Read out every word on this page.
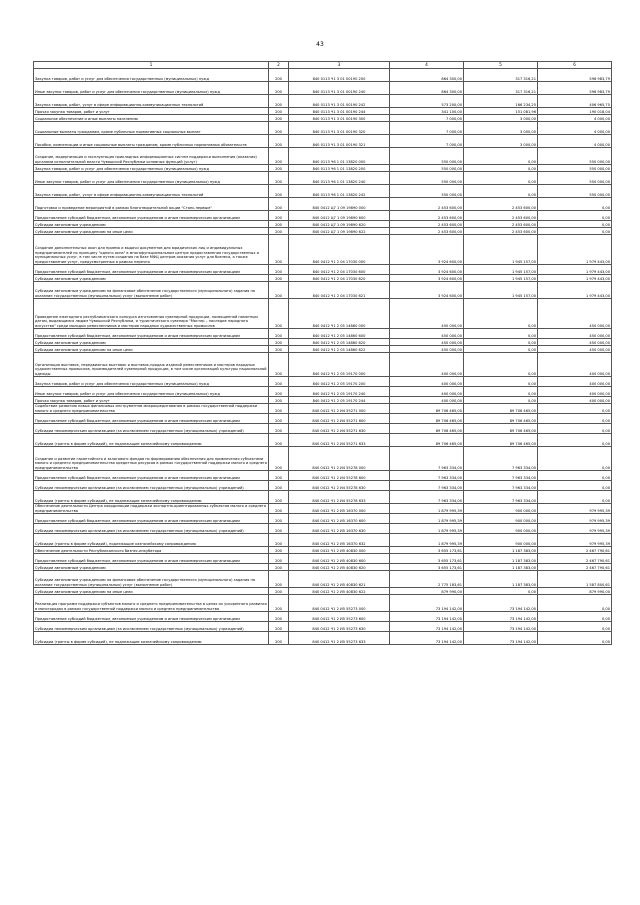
43
1	2	3	4	5	6
Закупка товаров, работ и услуг для обеспечения государственных (муниципальных) нужд	200	840 0113 Ч1 3 01 00190 200	864 300,00	317 316,21	596 983,79
Иные закупки товаров, работ и услуг для обеспечения государственных (муниципальных) нужд	200	840 0113 Ч1 3 01 00190 240	864 300,00	317 316,21	596 983,79
Закупка товаров, работ, услуг в сфере информационно-коммуникационных технологий	200	840 0113 Ч1 3 01 00190 242	573 200,00	166 234,25	406 965,75
Прочая закупка товаров, работ и услуг	200	840 0113 Ч1 3 01 00190 244	341 100,00	151 081,96	190 018,04
Социальное обеспечение и иные выплаты населению	200	840 0113 Ч1 3 01 00190 300	7 000,00	3 000,00	4 000,00
Социальные выплаты гражданам, кроме публичных нормативных социальных выплат	200	840 0113 Ч1 3 01 00190 320	7 000,00	3 000,00	4 000,00
Пособия, компенсации и иные социальные выплаты гражданам, кроме публичных нормативных обязательств	200	840 0113 Ч1 3 01 00190 321	7 000,00	3 000,00	4 000,00
Создание, модернизация и эксплуатация прикладных информационных систем поддержки выполнения (оказания) органами исполнительной власти Чувашской Республики основных функций (услуг)	200	840 0113 Ч6 1 01 13820 000	550 000,00	0,00	550 000,00
Закупка товаров, работ и услуг для обеспечения государственных (муниципальных) нужд	200	840 0113 Ч6 1 01 13820 200	550 000,00	0,00	550 000,00
Иные закупки товаров, работ и услуг для обеспечения государственных (муниципальных) нужд	200	840 0113 Ч6 1 01 13820 240	550 000,00	0,00	550 000,00
Закупка товаров, работ, услуг в сфере информационно-коммуникационных технологий	200	840 0113 Ч6 1 01 13820 242	550 000,00	0,00	550 000,00
Подготовка и проведение мероприятий в рамках благотворительной акции "Стань первым"	200	840 0412 Ц7 1 09 19890 000	2 453 600,00	2 453 600,00	0,00
Предоставление субсидий бюджетным, автономным учреждениям и иным некоммерческим организациям	200	840 0412 Ц7 1 09 19890 600	2 453 600,00	2 453 600,00	0,00
Субсидии автономным учреждениям	200	840 0412 Ц7 1 09 19890 620	2 453 600,00	2 453 600,00	0,00
Субсидии автономным учреждениям на иные цели	200	840 0412 Ц7 1 09 19890 622	2 453 600,00	2 453 600,00	0,00
Создание дополнительных окон для приема и выдачи документов для юридических лиц и индивидуальных предпринимателей по принципу "одного окна" в многофункциональном центре предоставления государственных и муниципальных услуг, в том числе путем создания на базе МФЦ центров оказания услуг для бизнеса, а также предоставление услуг, предусмотренных в рамках перечня	200	840 0412 Ч1 2 04 17030 000	3 924 600,00	1 945 157,00	1 979 443,00
Предоставление субсидий бюджетным, автономным учреждениям и иным некоммерческим организациям	200	840 0412 Ч1 2 04 17030 600	3 924 600,00	1 945 157,00	1 979 443,00
Субсидии автономным учреждениям	200	840 0412 Ч1 2 04 17030 620	3 924 600,00	1 945 157,00	1 979 443,00
Субсидии автономным учреждениям на финансовое обеспечение государственного (муниципального) задания на оказание государственных (муниципальных) услуг (выполнение работ)	200	840 0412 Ч1 2 04 17030 621	3 924 600,00	1 945 157,00	1 979 443,00
Проведение ежегодного республиканского конкурса изготовления сувенирной продукции, посвященной памятным датам, выдающимся людям Чувашской Республики, и туристического сувенира "Мастер – наследие народного искусства" среди молодых ремесленников и мастеров народных художественных промыслов	200	840 0412 Ч1 2 05 14860 000	450 000,00	0,00	450 000,00
Предоставление субсидий бюджетным, автономным учреждениям и иным некоммерческим организациям	200	840 0412 Ч1 2 05 14860 600	450 000,00	0,00	450 000,00
Субсидии автономным учреждениям	200	840 0412 Ч1 2 05 14860 620	450 000,00	0,00	450 000,00
Субсидии автономным учреждениям на иные цели	200	840 0412 Ч1 2 05 14860 622	450 000,00	0,00	450 000,00
Организация выставок, передвижных выставок и выставок-продаж изделий ремесленников и мастеров народных художественных промыслов, производителей сувенирной продукции, в том числе организаций культуры национальной одежды	200	840 0412 Ч1 2 05 19170 000	400 000,00	0,00	400 000,00
Закупка товаров, работ и услуг для обеспечения государственных (муниципальных) нужд	200	840 0412 Ч1 2 05 19170 200	400 000,00	0,00	400 000,00
Иные закупки товаров, работ и услуг для обеспечения государственных (муниципальных) нужд	200	840 0412 Ч1 2 05 19170 240	400 000,00	0,00	400 000,00
Прочая закупка товаров, работ и услуг	200	840 0412 Ч1 2 05 19170 244	400 000,00	0,00	400 000,00
Содействие развитию новых финансовых инструментов микрокредитования в рамках государственной поддержки малого и среднего предпринимательства	200	840 0412 Ч1 2 И4 55271 000	89 706 465,00	89 706 465,00	0,00
Предоставление субсидий бюджетным, автономным учреждениям и иным некоммерческим организациям	200	840 0412 Ч1 2 И4 55271 600	89 706 465,00	89 706 465,00	0,00
Субсидии некоммерческим организациям (за исключением государственных (муниципальных) учреждений)	200	840 0412 Ч1 2 И4 55271 630	89 706 465,00	89 706 465,00	0,00
Субсидии (гранты в форме субсидий), не подлежащие казначейскому сопровождению	200	840 0412 Ч1 2 И4 55271 633	89 706 465,00	89 706 465,00	0,00
Создание и развитие гарантийного и залогового фондов по формированию обеспечения для привлечения субъектами малого и среднего предпринимательства кредитных ресурсов в рамках государственной поддержки малого и среднего предпринимательства	200	840 0412 Ч1 2 И4 55278 000	7 963 334,00	7 963 334,00	0,00
Предоставление субсидий бюджетным, автономным учреждениям и иным некоммерческим организациям	200	840 0412 Ч1 2 И4 55278 600	7 963 334,00	7 963 334,00	0,00
Субсидии некоммерческим организациям (за исключением государственных (муниципальных) учреждений)	200	840 0412 Ч1 2 И4 55278 630	7 963 334,00	7 963 334,00	0,00
Субсидии (гранты в форме субсидий), не подлежащие казначейскому сопровождению	200	840 0412 Ч1 2 И4 55278 633	7 963 334,00	7 963 334,00	0,00
Обеспечение деятельности Центра координации поддержки экспортно-ориентированных субъектов малого и среднего предпринимательства	200	840 0412 Ч1 2 И5 16370 000	1 879 995,39	900 000,00	979 995,39
Предоставление субсидий бюджетным, автономным учреждениям и иным некоммерческим организациям	200	840 0412 Ч1 2 И5 16370 600	1 879 995,39	900 000,00	979 995,39
Субсидии некоммерческим организациям (за исключением государственных (муниципальных) учреждений)	200	840 0412 Ч1 2 И5 16370 630	1 879 995,39	900 000,00	979 995,39
Субсидии (гранты в форме субсидий), подлежащие казначейскому сопровождению	200	840 0412 Ч1 2 И5 16370 632	1 879 995,39	900 000,00	979 995,39
Обеспечение деятельности Республиканского бизнес-инкубатора	200	840 0412 Ч1 2 И5 40830 000	3 655 173,61	1 187 383,00	2 467 790,61
Предоставление субсидий бюджетным, автономным учреждениям и иным некоммерческим организациям	200	840 0412 Ч1 2 И5 40830 600	3 655 173,61	1 187 383,00	2 467 790,61
Субсидии автономным учреждениям	200	840 0412 Ч1 2 И5 40830 620	3 655 173,61	1 187 383,00	2 467 790,61
Субсидии автономным учреждениям на финансовое обеспечение государственного (муниципального) задания на оказание государственных (муниципальных) услуг (выполнение работ)	200	840 0412 Ч1 2 И5 40830 621	2 775 183,61	1 187 383,00	1 587 800,61
Субсидии автономным учреждениям на иные цели	200	840 0412 Ч1 2 И5 40830 622	879 990,00	0,00	879 990,00
Реализация программ поддержки субъектов малого и среднего предпринимательства в целях их ускоренного развития в моногородах в рамках государственной поддержки малого и среднего предпринимательства	200	840 0412 Ч1 2 И5 55273 000	73 194 142,00	73 194 142,00	0,00
Предоставление субсидий бюджетным, автономным учреждениям и иным некоммерческим организациям	200	840 0412 Ч1 2 И5 55273 600	73 194 142,00	73 194 142,00	0,00
Субсидии некоммерческим организациям (за исключением государственных (муниципальных) учреждений)	200	840 0412 Ч1 2 И5 55273 630	73 194 142,00	73 194 142,00	0,00
Субсидии (гранты в форме субсидий), не подлежащие казначейскому сопровождению	200	840 0412 Ч1 2 И5 55273 633	73 194 142,00	73 194 142,00	0,00
